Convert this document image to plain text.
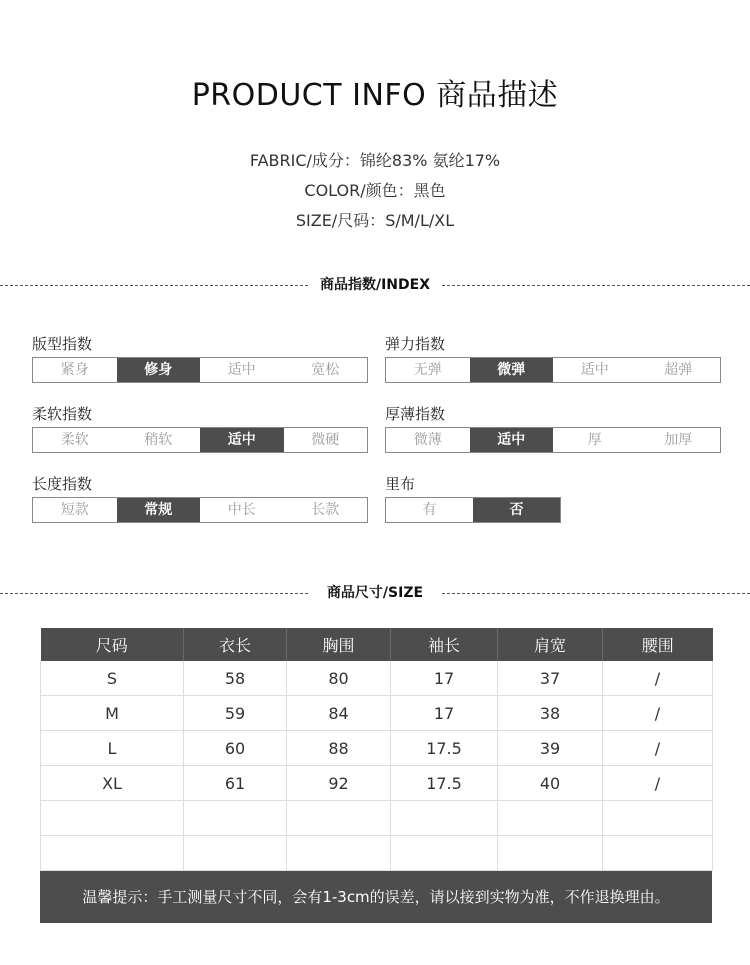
PRODUCT INFO 商品描述
FABRIC/成分：锦纶83% 氨纶17%
COLOR/颜色：黑色
SIZE/尺码：S/M/L/XL
商品指数/INDEX
版型指数
紧身	修身	适中	宽松
弹力指数
无弹	微弹	适中	超弹
柔软指数
柔软	稍软	适中	微硬
厚薄指数
微薄	适中	厚	加厚
长度指数
短款	常规	中长	长款
里布
有	否
商品尺寸/SIZE
尺码	衣长	胸围	袖长	肩宽	腰围
S	58	80	17	37	/
M	59	84	17	38	/
L	60	88	17.5	39	/
XL	61	92	17.5	40	/

温馨提示：手工测量尺寸不同，会有1-3cm的误差，请以接到实物为准，不作退换理由。
